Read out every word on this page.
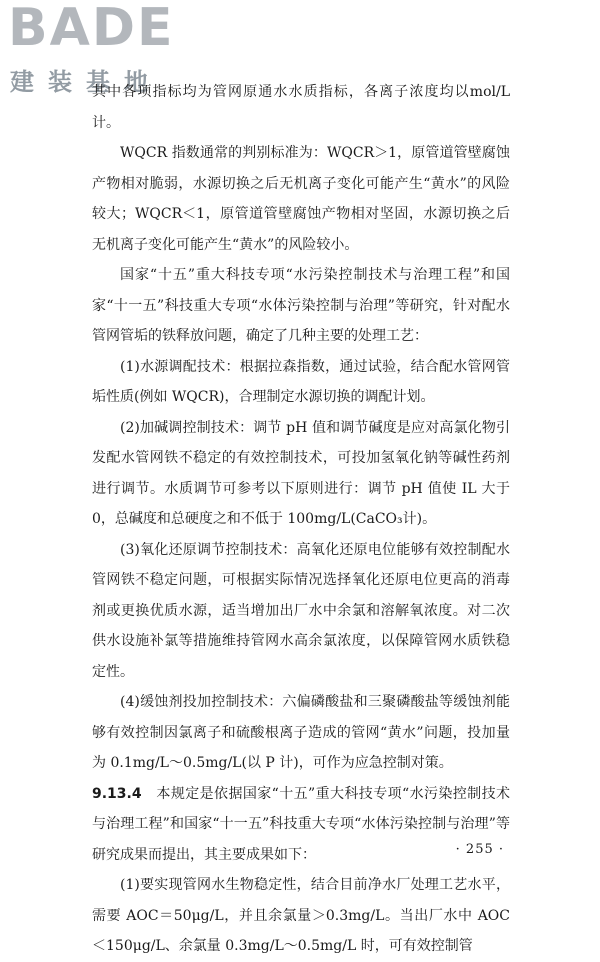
BADE
建装基地

其中各项指标均为管网原通水水质指标，各离子浓度均以mol/L计。

WQCR 指数通常的判别标准为：WQCR＞1，原管道管壁腐蚀产物相对脆弱，水源切换之后无机离子变化可能产生“黄水”的风险较大；WQCR＜1，原管道管壁腐蚀产物相对坚固，水源切换之后无机离子变化可能产生“黄水”的风险较小。

国家“十五”重大科技专项“水污染控制技术与治理工程”和国家“十一五”科技重大专项“水体污染控制与治理”等研究，针对配水管网管垢的铁释放问题，确定了几种主要的处理工艺：

(1)水源调配技术：根据拉森指数，通过试验，结合配水管网管垢性质(例如 WQCR)，合理制定水源切换的调配计划。

(2)加碱调控制技术：调节 pH 值和调节碱度是应对高氯化物引发配水管网铁不稳定的有效控制技术，可投加氢氧化钠等碱性药剂进行调节。水质调节可参考以下原则进行：调节 pH 值使 IL 大于 0，总碱度和总硬度之和不低于 100mg/L(CaCO₃计)。

(3)氧化还原调节控制技术：高氧化还原电位能够有效控制配水管网铁不稳定问题，可根据实际情况选择氧化还原电位更高的消毒剂或更换优质水源，适当增加出厂水中余氯和溶解氧浓度。对二次供水设施补氯等措施维持管网水高余氯浓度，以保障管网水质铁稳定性。

(4)缓蚀剂投加控制技术：六偏磷酸盐和三聚磷酸盐等缓蚀剂能够有效控制因氯离子和硫酸根离子造成的管网“黄水”问题，投加量为 0.1mg/L～0.5mg/L(以 P 计)，可作为应急控制对策。

9.13.4　 本规定是依据国家“十五”重大科技专项“水污染控制技术与治理工程”和国家“十一五”科技重大专项“水体污染控制与治理”等研究成果而提出，其主要成果如下：

(1)要实现管网水生物稳定性，结合目前净水厂处理工艺水平，需要 AOC＝50μg/L，并且余氯量＞0.3mg/L。当出厂水中 AOC＜150μg/L、余氯量 0.3mg/L～0.5mg/L 时，可有效控制管

· 255 ·
